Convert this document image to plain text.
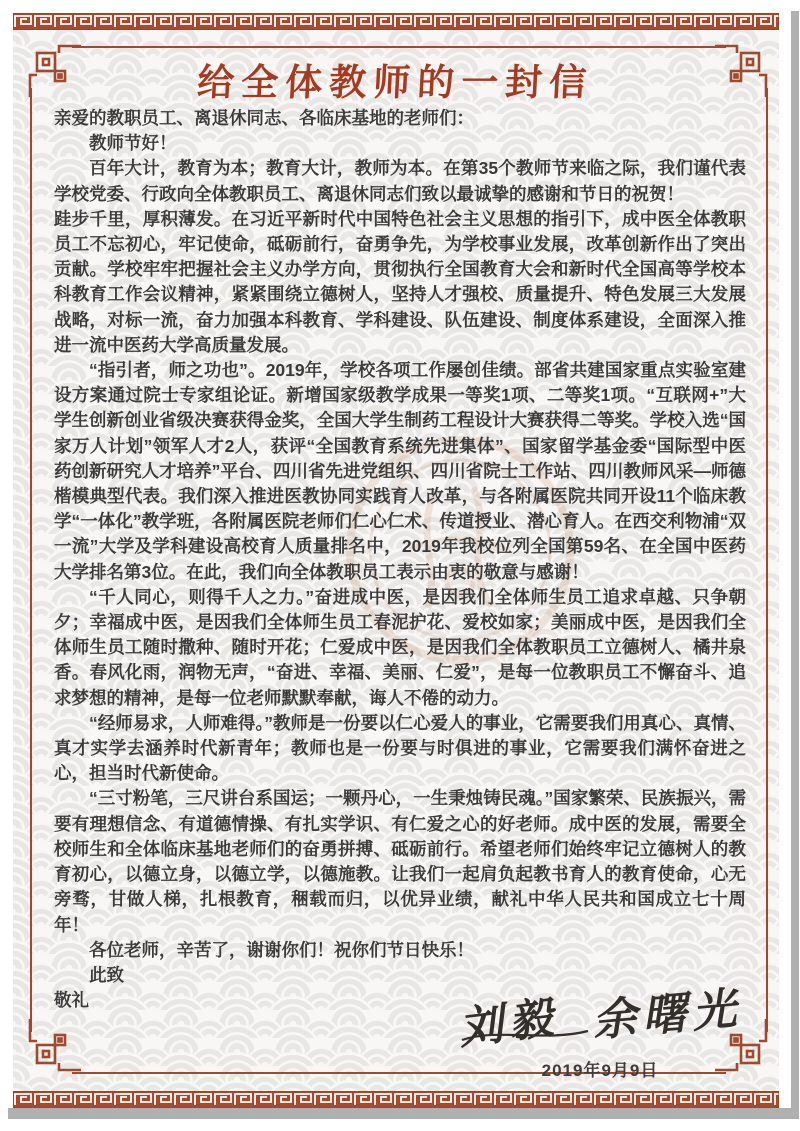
给全体教师的一封信

亲爱的教职员工、离退休同志、各临床基地的老师们：

教师节好！

百年大计，教育为本；教育大计，教师为本。在第35个教师节来临之际，我们谨代表学校党委、行政向全体教职员工、离退休同志们致以最诚挚的感谢和节日的祝贺！

跬步千里，厚积薄发。在习近平新时代中国特色社会主义思想的指引下，成中医全体教职员工不忘初心，牢记使命，砥砺前行，奋勇争先，为学校事业发展，改革创新作出了突出贡献。学校牢牢把握社会主义办学方向，贯彻执行全国教育大会和新时代全国高等学校本科教育工作会议精神，紧紧围绕立德树人，坚持人才强校、质量提升、特色发展三大发展战略，对标一流，奋力加强本科教育、学科建设、队伍建设、制度体系建设，全面深入推进一流中医药大学高质量发展。

“指引者，师之功也”。2019年，学校各项工作屡创佳绩。部省共建国家重点实验室建设方案通过院士专家组论证。新增国家级教学成果一等奖1项、二等奖1项。“互联网+”大学生创新创业省级决赛获得金奖，全国大学生制药工程设计大赛获得二等奖。学校入选“国家万人计划”领军人才2人，获评“全国教育系统先进集体”、国家留学基金委“国际型中医药创新研究人才培养”平台、四川省先进党组织、四川省院士工作站、四川教师风采—师德楷模典型代表。我们深入推进医教协同实践育人改革，与各附属医院共同开设11个临床教学“一体化”教学班，各附属医院老师们仁心仁术、传道授业、潜心育人。在西交利物浦“双一流”大学及学科建设高校育人质量排名中，2019年我校位列全国第59名、在全国中医药大学排名第3位。在此，我们向全体教职员工表示由衷的敬意与感谢！

“千人同心，则得千人之力。”奋进成中医，是因我们全体师生员工追求卓越、只争朝夕；幸福成中医，是因我们全体师生员工春泥护花、爱校如家；美丽成中医，是因我们全体师生员工随时撒种、随时开花；仁爱成中医，是因我们全体教职员工立德树人、橘井泉香。春风化雨，润物无声，“奋进、幸福、美丽、仁爱”，是每一位教职员工不懈奋斗、追求梦想的精神，是每一位老师默默奉献，诲人不倦的动力。

“经师易求，人师难得。”教师是一份要以仁心爱人的事业，它需要我们用真心、真情、真才实学去涵养时代新青年；教师也是一份要与时俱进的事业，它需要我们满怀奋进之心，担当时代新使命。

“三寸粉笔，三尺讲台系国运；一颗丹心，一生秉烛铸民魂。”国家繁荣、民族振兴，需要有理想信念、有道德情操、有扎实学识、有仁爱之心的好老师。成中医的发展，需要全校师生和全体临床基地老师们的奋勇拼搏、砥砺前行。希望老师们始终牢记立德树人的教育初心，以德立身，以德立学，以德施教。让我们一起肩负起教书育人的教育使命，心无旁骛，甘做人梯，扎根教育，稇载而归，以优异业绩，献礼中华人民共和国成立七十周年！

各位老师，辛苦了，谢谢你们！祝你们节日快乐！

此致

敬礼	刘毅 余曙光
2019年9月9日
